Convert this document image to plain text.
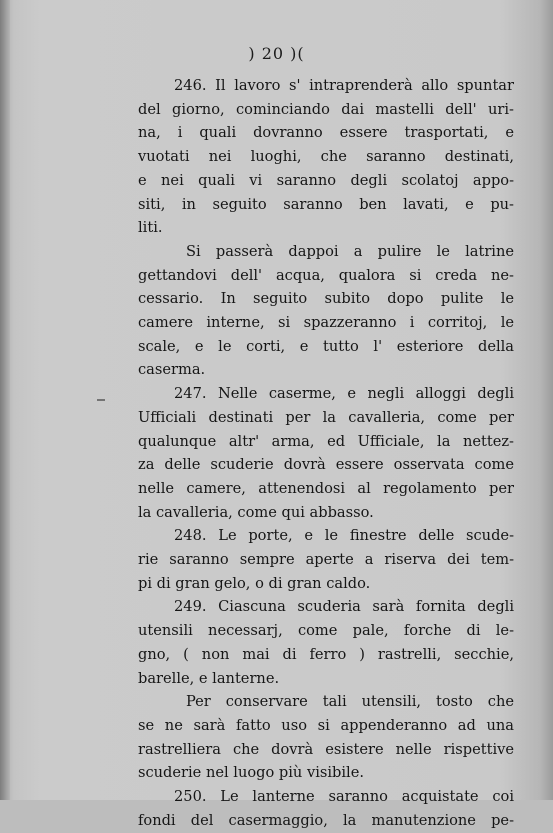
) 20 )(
246. Il lavoro s' intraprenderà allo spuntar
del giorno, cominciando dai mastelli dell' uri-
na, i quali dovranno essere trasportati, e
vuotati nei luoghi, che saranno destinati,
e nei quali vi saranno degli scolatoj appo-
siti, in seguito saranno ben lavati, e pu-
liti.
Si passerà dappoi a pulire le latrine
gettandovi dell' acqua, qualora si creda ne-
cessario. In seguito subito dopo pulite le
camere interne, si spazzeranno i corritoj, le
scale, e le corti, e tutto l' esteriore della
caserma.
247. Nelle caserme, e negli alloggi degli
Ufficiali destinati per la cavalleria, come per
qualunque altr' arma, ed Ufficiale, la nettez-
za delle scuderie dovrà essere osservata come
nelle camere, attenendosi al regolamento per
la cavalleria, come qui abbasso.
248. Le porte, e le finestre delle scude-
rie saranno sempre aperte a riserva dei tem-
pi di gran gelo, o di gran caldo.
249. Ciascuna scuderia sarà fornita degli
utensili necessarj, come pale, forche di le-
gno, ( non mai di ferro ) rastrelli, secchie,
barelle, e lanterne.
Per conservare tali utensili, tosto che
se ne sarà fatto uso si appenderanno ad una
rastrelliera che dovrà esistere nelle rispettive
scuderie nel luogo più visibile.
250. Le lanterne saranno acquistate coi
fondi del casermaggio, la manutenzione pe-
